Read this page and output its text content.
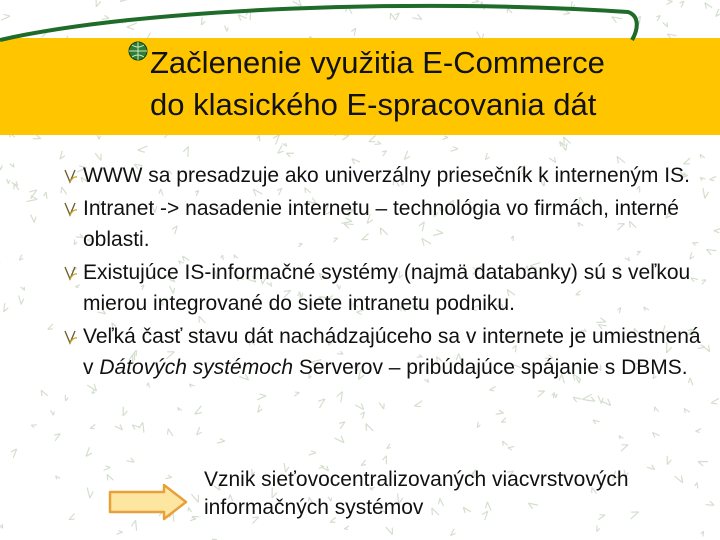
Začlenenie využitia E-Commerce
do klasického E-spracovania dát
WWW sa presadzuje ako univerzálny priesečník k interneným IS.
Intranet -> nasadenie internetu – technológia vo firmách, interné oblasti.
Existujúce IS-informačné systémy (najmä databanky) sú s veľkou mierou integrované do siete intranetu podniku.
Veľká časť stavu dát nachádzajúceho sa v internete je umiestnená v Dátových systémoch Serverov – pribúdajúce spájanie s DBMS.
Vznik sieťovocentralizovaných viacvrstvových
informačných systémov
